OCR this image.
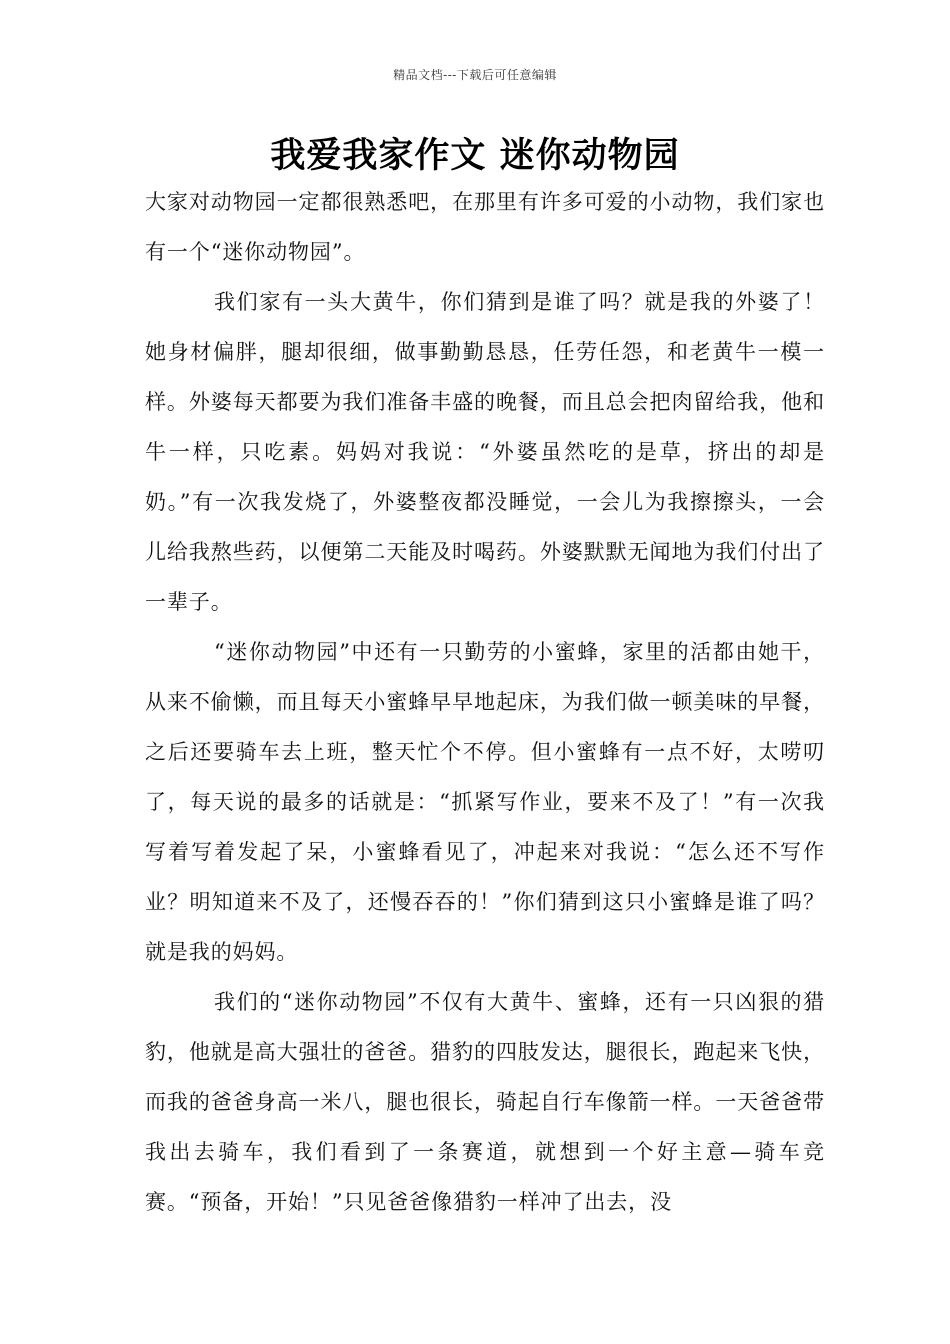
精品文档---下载后可任意编辑
我爱我家作文 迷你动物园

大家对动物园一定都很熟悉吧，在那里有许多可爱的小动物，我们家也有一个“迷你动物园”。

我们家有一头大黄牛，你们猜到是谁了吗？就是我的外婆了！她身材偏胖，腿却很细，做事勤勤恳恳，任劳任怨，和老黄牛一模一样。外婆每天都要为我们准备丰盛的晚餐，而且总会把肉留给我，他和牛一样，只吃素。妈妈对我说：“外婆虽然吃的是草，挤出的却是奶。”有一次我发烧了，外婆整夜都没睡觉，一会儿为我擦擦头，一会儿给我熬些药，以便第二天能及时喝药。外婆默默无闻地为我们付出了一辈子。

“迷你动物园”中还有一只勤劳的小蜜蜂，家里的活都由她干，从来不偷懒，而且每天小蜜蜂早早地起床，为我们做一顿美味的早餐，之后还要骑车去上班，整天忙个不停。但小蜜蜂有一点不好，太唠叨了，每天说的最多的话就是：“抓紧写作业，要来不及了！”有一次我写着写着发起了呆，小蜜蜂看见了，冲起来对我说：“怎么还不写作业？明知道来不及了，还慢吞吞的！”你们猜到这只小蜜蜂是谁了吗？就是我的妈妈。

我们的“迷你动物园”不仅有大黄牛、蜜蜂，还有一只凶狠的猎豹，他就是高大强壮的爸爸。猎豹的四肢发达，腿很长，跑起来飞快，而我的爸爸身高一米八，腿也很长，骑起自行车像箭一样。一天爸爸带我出去骑车，我们看到了一条赛道，就想到一个好主意—骑车竞赛。“预备，开始！”只见爸爸像猎豹一样冲了出去，没
